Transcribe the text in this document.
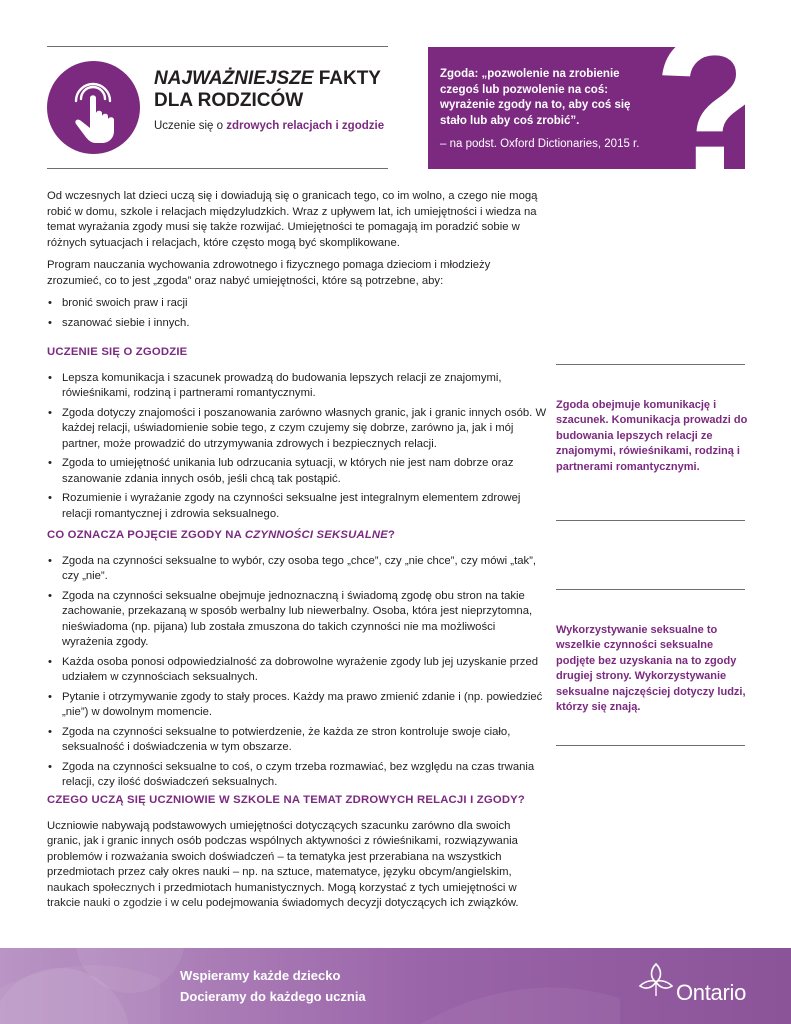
NAJWAŻNIEJSZE FAKTY
DLA RODZICÓW
Uczenie się o zdrowych relacjach i zgodzie ?
Zgoda: „pozwolenie na zrobienie czegoś lub pozwolenie na coś: wyrażenie zgody na to, aby coś się stało lub aby coś zrobić”.
– na podst. Oxford Dictionaries, 2015 r.

Od wczesnych lat dzieci uczą się i dowiadują się o granicach tego, co im wolno, a czego nie mogą robić w domu, szkole i relacjach międzyludzkich. Wraz z upływem lat, ich umiejętności i wiedza na temat wyrażania zgody musi się także rozwijać. Umiejętności te pomagają im poradzić sobie w różnych sytuacjach i relacjach, które często mogą być skomplikowane.

Program nauczania wychowania zdrowotnego i fizycznego pomaga dzieciom i młodzieży zrozumieć, co to jest „zgoda” oraz nabyć umiejętności, które są potrzebne, aby:

• bronić swoich praw i racji
• szanować siebie i innych.
UCZENIE SIĘ O ZGODZIE
• Lepsza komunikacja i szacunek prowadzą do budowania lepszych relacji ze znajomymi, rówieśnikami, rodziną i partnerami romantycznymi.
• Zgoda dotyczy znajomości i poszanowania zarówno własnych granic, jak i granic innych osób. W każdej relacji, uświadomienie sobie tego, z czym czujemy się dobrze, zarówno ja, jak i mój partner, może prowadzić do utrzymywania zdrowych i bezpiecznych relacji.
• Zgoda to umiejętność unikania lub odrzucania sytuacji, w których nie jest nam dobrze oraz szanowanie zdania innych osób, jeśli chcą tak postąpić.
• Rozumienie i wyrażanie zgody na czynności seksualne jest integralnym elementem zdrowej relacji romantycznej i zdrowia seksualnego.
CO OZNACZA POJĘCIE ZGODY NA CZYNNOŚCI SEKSUALNE?
• Zgoda na czynności seksualne to wybór, czy osoba tego „chce”, czy „nie chce”, czy mówi „tak”, czy „nie”.
• Zgoda na czynności seksualne obejmuje jednoznaczną i świadomą zgodę obu stron na takie zachowanie, przekazaną w sposób werbalny lub niewerbalny. Osoba, która jest nieprzytomna, nieświadoma (np. pijana) lub została zmuszona do takich czynności nie ma możliwości wyrażenia zgody.
• Każda osoba ponosi odpowiedzialność za dobrowolne wyrażenie zgody lub jej uzyskanie przed udziałem w czynnościach seksualnych.
• Pytanie i otrzymywanie zgody to stały proces. Każdy ma prawo zmienić zdanie i (np. powiedzieć „nie”) w dowolnym momencie.
• Zgoda na czynności seksualne to potwierdzenie, że każda ze stron kontroluje swoje ciało, seksualność i doświadczenia w tym obszarze.
• Zgoda na czynności seksualne to coś, o czym trzeba rozmawiać, bez względu na czas trwania relacji, czy ilość doświadczeń seksualnych.
CZEGO UCZĄ SIĘ UCZNIOWIE W SZKOLE NA TEMAT ZDROWYCH RELACJI I ZGODY?

Uczniowie nabywają podstawowych umiejętności dotyczących szacunku zarówno dla swoich granic, jak i granic innych osób podczas wspólnych aktywności z rówieśnikami, rozwiązywania problemów i rozważania swoich doświadczeń – ta tematyka jest przerabiana na wszystkich przedmiotach przez cały okres nauki – np. na sztuce, matematyce, języku obcym/angielskim, naukach społecznych i przedmiotach humanistycznych. Mogą korzystać z tych umiejętności w trakcie nauki o zgodzie i w celu podejmowania świadomych decyzji dotyczących ich związków.

Zgoda obejmuje komunikację i szacunek. Komunikacja prowadzi do budowania lepszych relacji ze znajomymi, rówieśnikami, rodziną i partnerami romantycznymi.
Wykorzystywanie seksualne to wszelkie czynności seksualne podjęte bez uzyskania na to zgody drugiej strony. Wykorzystywanie seksualne najczęściej dotyczy ludzi, którzy się znają.
Wspieramy każde dziecko
Docieramy do każdego ucznia	Ontario
